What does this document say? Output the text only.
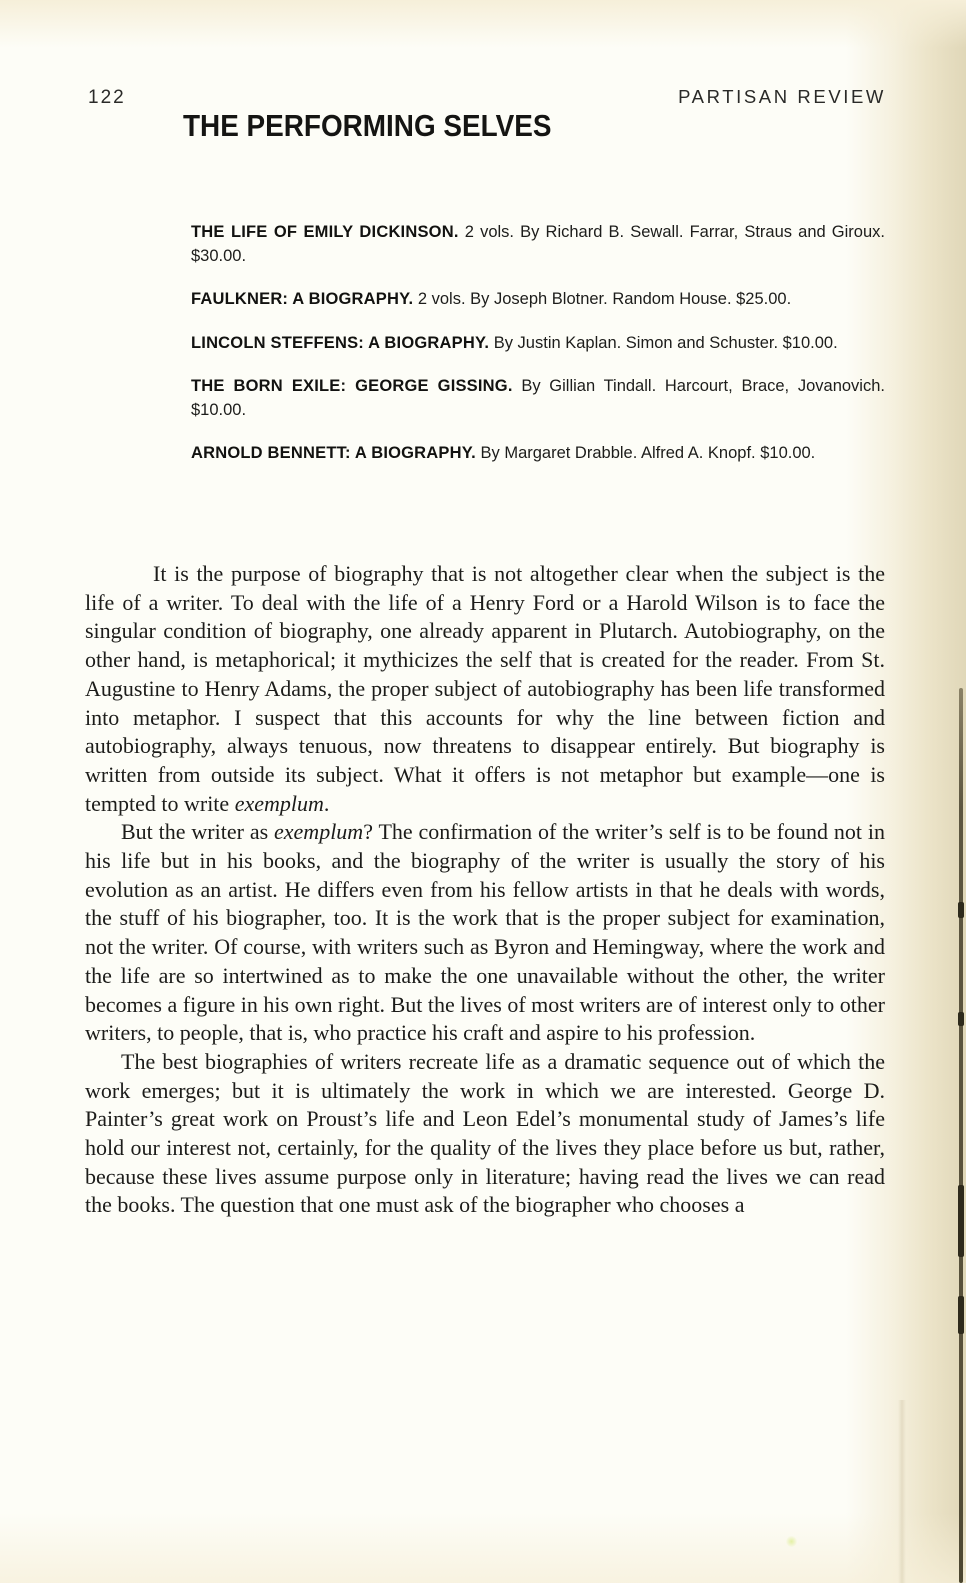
122	PARTISAN REVIEW
THE PERFORMING SELVES

THE LIFE OF EMILY DICKINSON. 2 vols. By Richard B. Sewall. Farrar, Straus and Giroux. $30.00.

FAULKNER: A BIOGRAPHY. 2 vols. By Joseph Blotner. Random House. $25.00.

LINCOLN STEFFENS: A BIOGRAPHY. By Justin Kaplan. Simon and Schuster. $10.00.

THE BORN EXILE: GEORGE GISSING. By Gillian Tindall. Harcourt, Brace, Jovanovich. $10.00.

ARNOLD BENNETT: A BIOGRAPHY. By Margaret Drabble. Alfred A. Knopf. $10.00.

It is the purpose of biography that is not altogether clear when the subject is the life of a writer. To deal with the life of a Henry Ford or a Harold Wilson is to face the singular condition of biography, one already apparent in Plutarch. Autobiography, on the other hand, is metaphorical; it mythicizes the self that is created for the reader. From St. Augustine to Henry Adams, the proper subject of autobiography has been life transformed into metaphor. I suspect that this accounts for why the line between fiction and autobiography, always tenuous, now threatens to disappear entirely. But biography is written from outside its subject. What it offers is not metaphor but example—one is tempted to write exemplum.

But the writer as exemplum? The confirmation of the writer’s self is to be found not in his life but in his books, and the biography of the writer is usually the story of his evolution as an artist. He differs even from his fellow artists in that he deals with words, the stuff of his biographer, too. It is the work that is the proper subject for examination, not the writer. Of course, with writers such as Byron and Hemingway, where the work and the life are so intertwined as to make the one unavailable without the other, the writer becomes a figure in his own right. But the lives of most writers are of interest only to other writers, to people, that is, who practice his craft and aspire to his profession.

The best biographies of writers recreate life as a dramatic sequence out of which the work emerges; but it is ultimately the work in which we are interested. George D. Painter’s great work on Proust’s life and Leon Edel’s monumental study of James’s life hold our interest not, certainly, for the quality of the lives they place before us but, rather, because these lives assume purpose only in literature; having read the lives we can read the books. The question that one must ask of the biographer who chooses a
